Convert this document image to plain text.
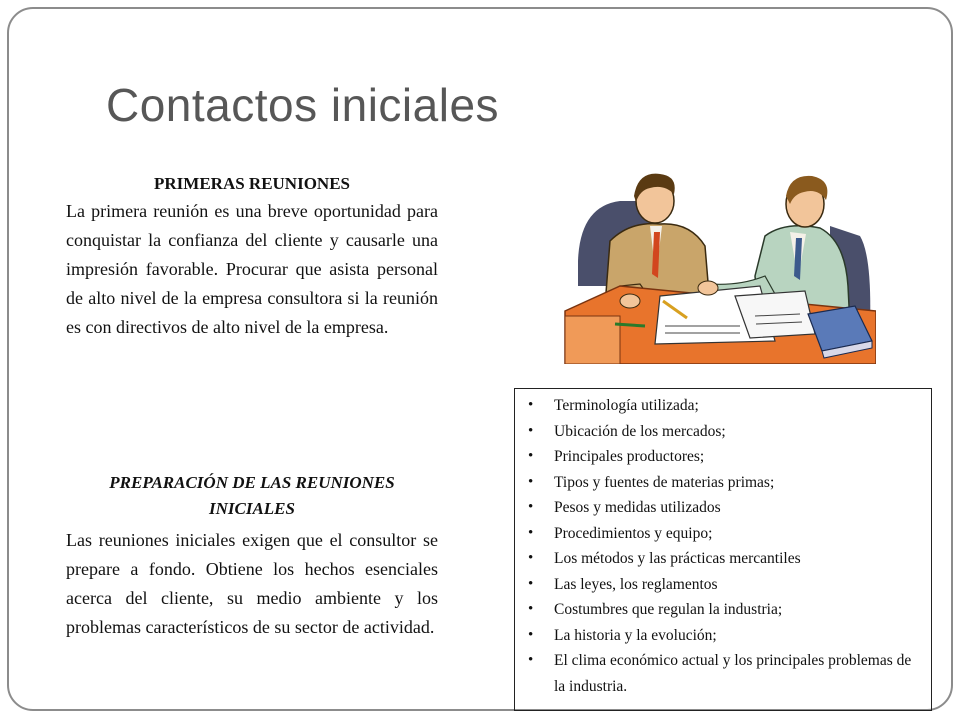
Contactos iniciales
PRIMERAS REUNIONES

La primera reunión es una breve oportunidad para conquistar la confianza del cliente y causarle una impresión favorable. Procurar que asista personal de alto nivel de la empresa consultora si la reunión es con directivos de alto nivel de la empresa.

PREPARACIÓN DE LAS REUNIONES INICIALES

Las reuniones iniciales exigen que el consultor se prepare a fondo. Obtiene los hechos esenciales acerca del cliente, su medio ambiente y los problemas característicos de su sector de actividad.

• Terminología utilizada;
• Ubicación de los mercados;
• Principales productores;
• Tipos y fuentes de materias primas;
• Pesos y medidas utilizados
• Procedimientos y equipo;
• Los métodos y las prácticas mercantiles
• Las leyes, los reglamentos
• Costumbres que regulan la industria;
• La historia y la evolución;
• El clima económico actual y los principales problemas de la industria.
